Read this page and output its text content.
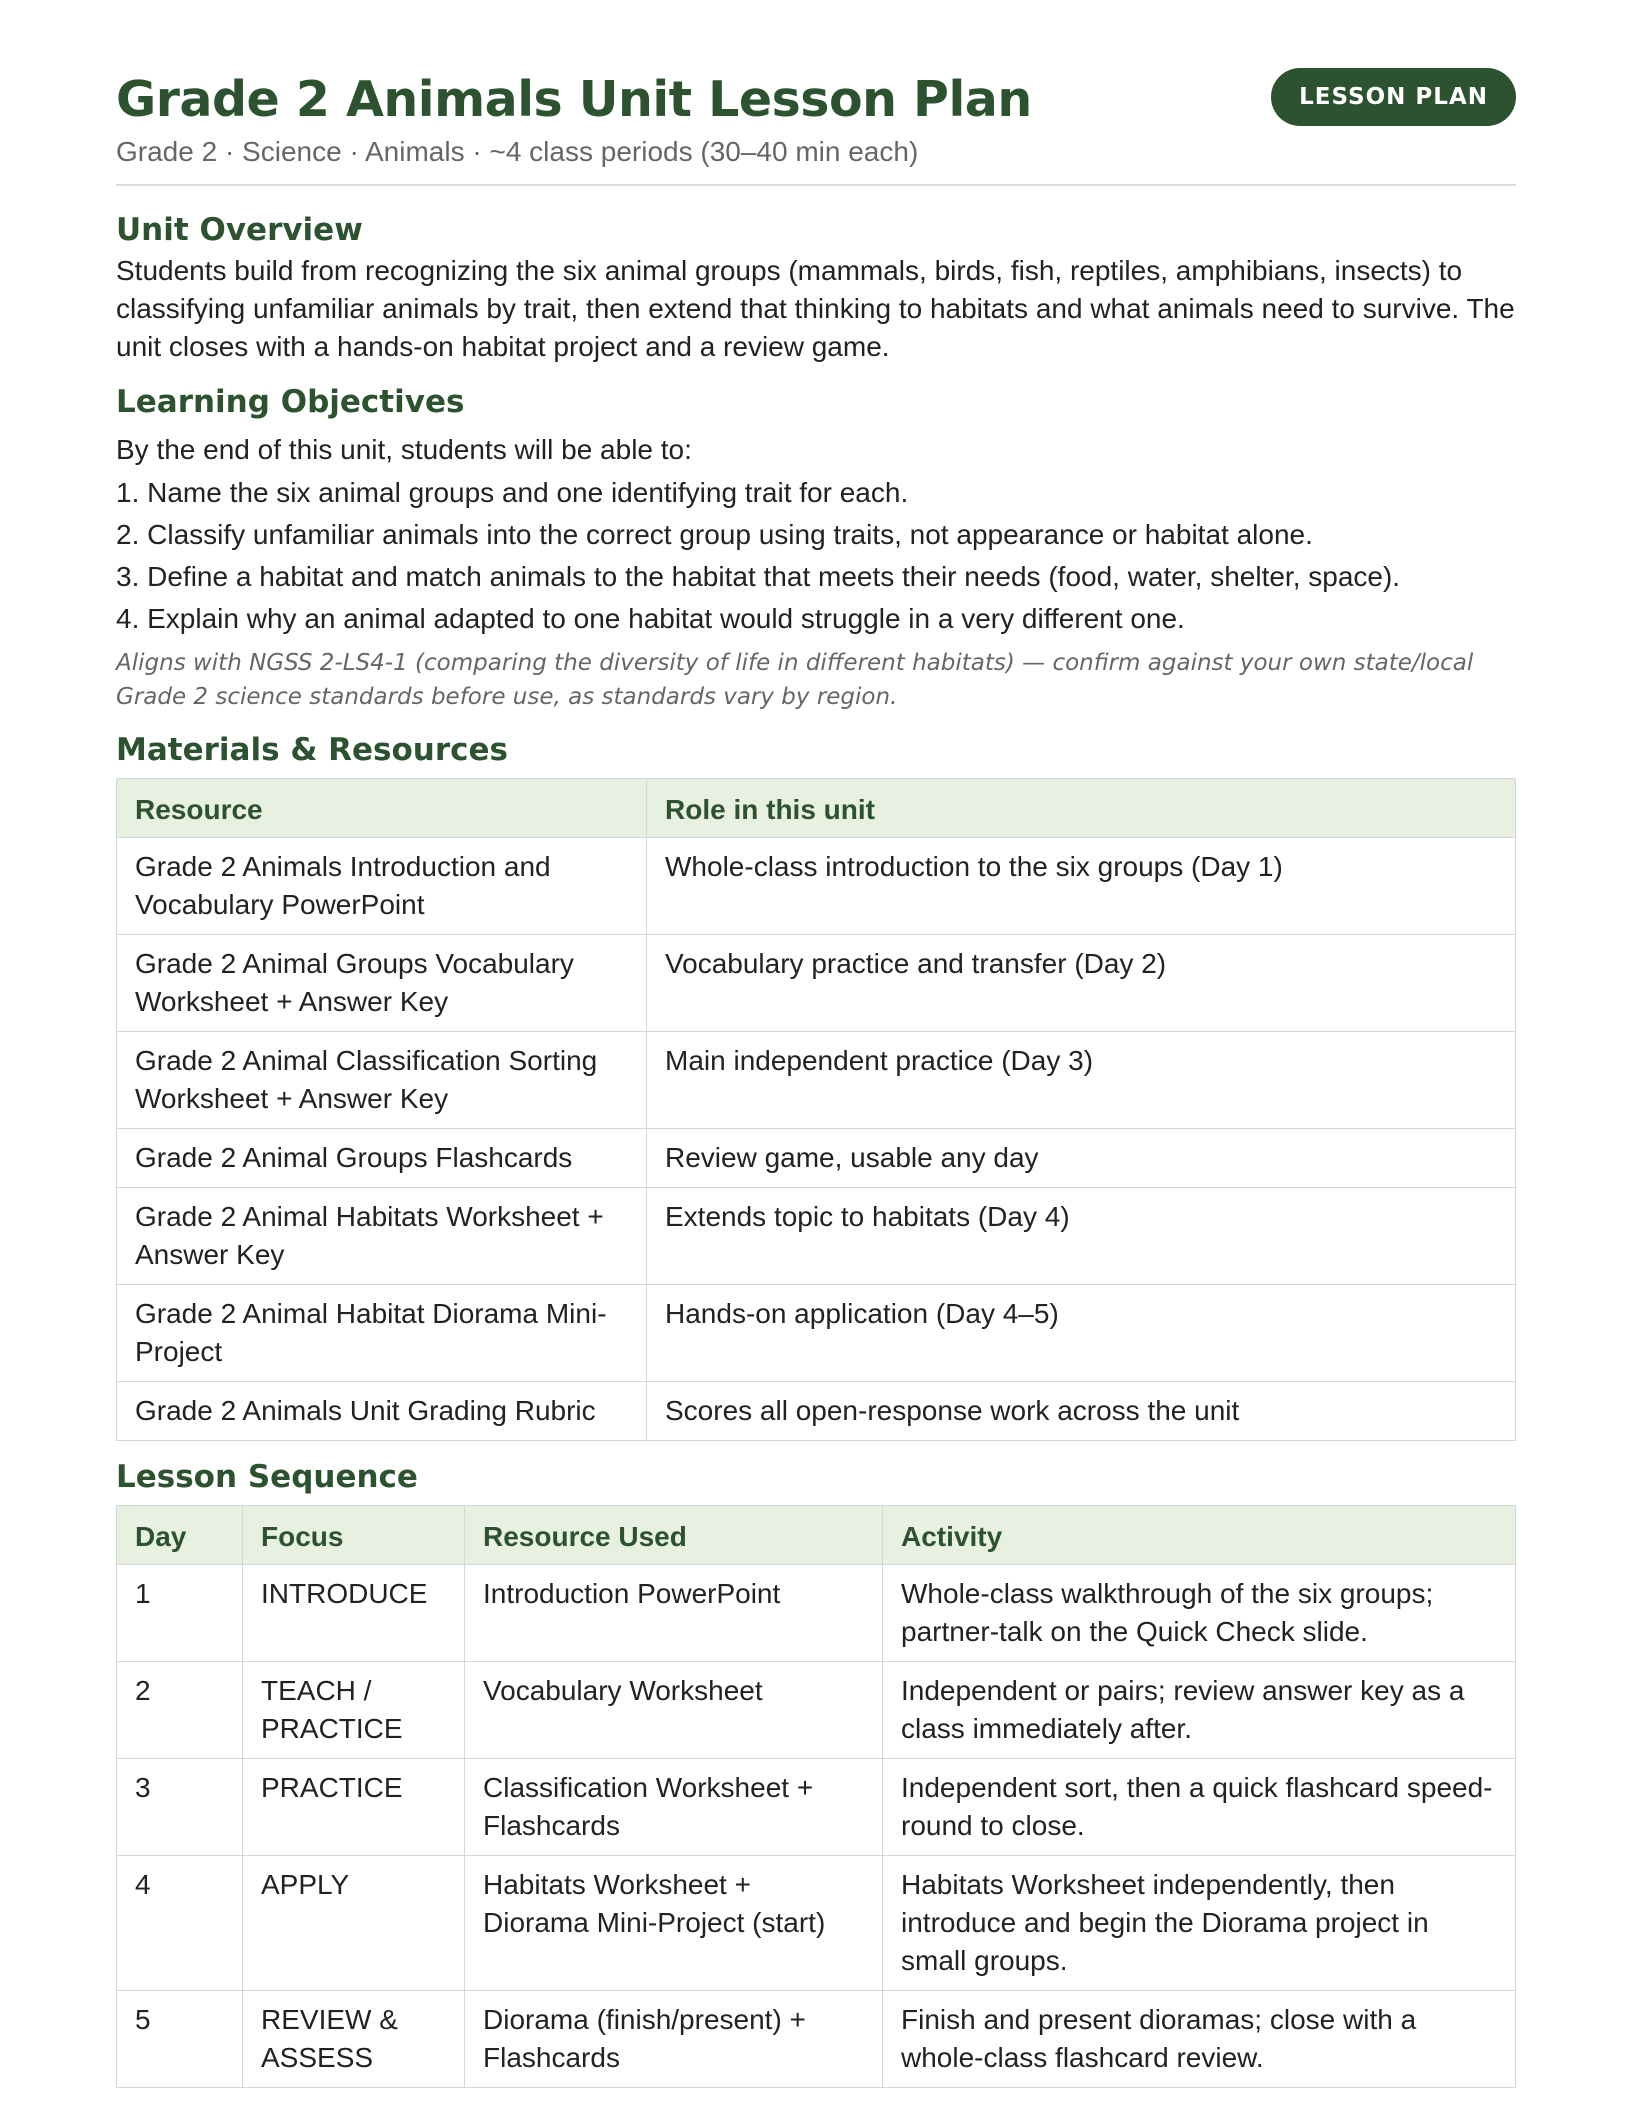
Grade 2 Animals Unit Lesson Plan
Grade 2 · Science · Animals · ~4 class periods (30–40 min each)
LESSON PLAN
Unit Overview

Students build from recognizing the six animal groups (mammals, birds, fish, reptiles, amphibians, insects) to classifying unfamiliar animals by trait, then extend that thinking to habitats and what animals need to survive. The unit closes with a hands-on habitat project and a review game.

Learning Objectives

By the end of this unit, students will be able to:

1. Name the six animal groups and one identifying trait for each.
2. Classify unfamiliar animals into the correct group using traits, not appearance or habitat alone.
3. Define a habitat and match animals to the habitat that meets their needs (food, water, shelter, space).
4. Explain why an animal adapted to one habitat would struggle in a very different one.

Aligns with NGSS 2-LS4-1 (comparing the diversity of life in different habitats) — confirm against your own state/local Grade 2 science standards before use, as standards vary by region.

Materials & Resources
Resource	Role in this unit
Grade 2 Animals Introduction and Vocabulary PowerPoint	Whole-class introduction to the six groups (Day 1)
Grade 2 Animal Groups Vocabulary Worksheet + Answer Key	Vocabulary practice and transfer (Day 2)
Grade 2 Animal Classification Sorting Worksheet + Answer Key	Main independent practice (Day 3)
Grade 2 Animal Groups Flashcards	Review game, usable any day
Grade 2 Animal Habitats Worksheet + Answer Key	Extends topic to habitats (Day 4)
Grade 2 Animal Habitat Diorama Mini-Project	Hands-on application (Day 4–5)
Grade 2 Animals Unit Grading Rubric	Scores all open-response work across the unit
Lesson Sequence
Day	Focus	Resource Used	Activity
1	INTRODUCE	Introduction PowerPoint	Whole-class walkthrough of the six groups; partner-talk on the Quick Check slide.
2	TEACH / PRACTICE	Vocabulary Worksheet	Independent or pairs; review answer key as a class immediately after.
3	PRACTICE	Classification Worksheet + Flashcards	Independent sort, then a quick flashcard speed-round to close.
4	APPLY	Habitats Worksheet + Diorama Mini-Project (start)	Habitats Worksheet independently, then introduce and begin the Diorama project in small groups.
5	REVIEW & ASSESS	Diorama (finish/present) + Flashcards	Finish and present dioramas; close with a whole-class flashcard review.
